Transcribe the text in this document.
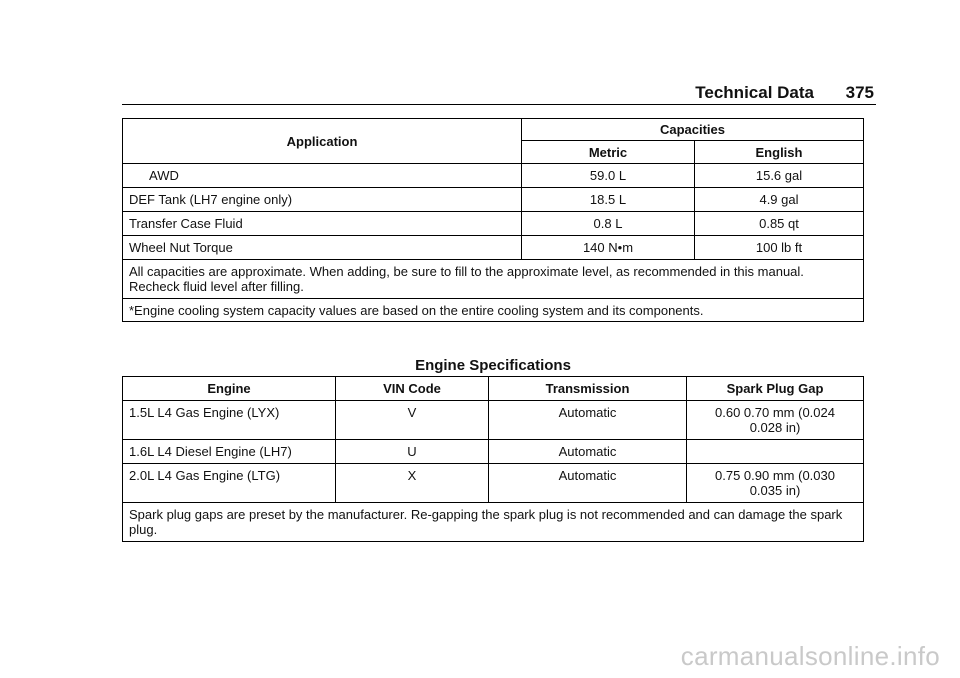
Technical Data 375
Application	Capacities	
	Metric	English
AWD	59.0 L	15.6 gal
DEF Tank (LH7 engine only)	18.5 L	4.9 gal
Transfer Case Fluid	0.8 L	0.85 qt
Wheel Nut Torque	140 N•m	100 lb ft
All capacities are approximate. When adding, be sure to fill to the approximate level, as recommended in this manual. Recheck fluid level after filling.		
*Engine cooling system capacity values are based on the entire cooling system and its components.		
Engine Specifications
Engine	VIN Code	Transmission	Spark Plug Gap
1.5L L4 Gas Engine (LYX)	V	Automatic	0.60 0.70 mm (0.024
0.028 in)

1.6L L4 Diesel Engine (LH7)	U	Automatic	
2.0L L4 Gas Engine (LTG)	X	Automatic	0.75 0.90 mm (0.030
0.035 in)

Spark plug gaps are preset by the manufacturer. Re-gapping the spark plug is not recommended and can damage the spark plug.			
carmanualsonline.info
